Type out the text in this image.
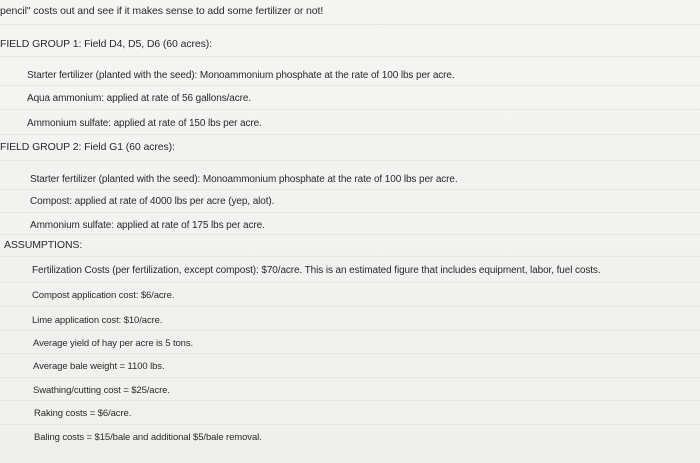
pencil" costs out and see if it makes sense to add some fertilizer or not!
FIELD GROUP 1: Field D4, D5, D6 (60 acres):
Starter fertilizer (planted with the seed): Monoammonium phosphate at the rate of 100 lbs per acre.
Aqua ammonium: applied at rate of 56 gallons/acre.
Ammonium sulfate: applied at rate of 150 lbs per acre.
FIELD GROUP 2: Field G1 (60 acres):
Starter fertilizer (planted with the seed): Monoammonium phosphate at the rate of 100 lbs per acre.
Compost: applied at rate of 4000 lbs per acre (yep, alot).
Ammonium sulfate: applied at rate of 175 lbs per acre.
ASSUMPTIONS:
Fertilization Costs (per fertilization, except compost): $70/acre. This is an estimated figure that includes equipment, labor, fuel costs.
Compost application cost: $6/acre.
Lime application cost: $10/acre.
Average yield of hay per acre is 5 tons.
Average bale weight = 1100 lbs.
Swathing/cutting cost = $25/acre.
Raking costs = $6/acre.
Baling costs = $15/bale and additional $5/bale removal.
